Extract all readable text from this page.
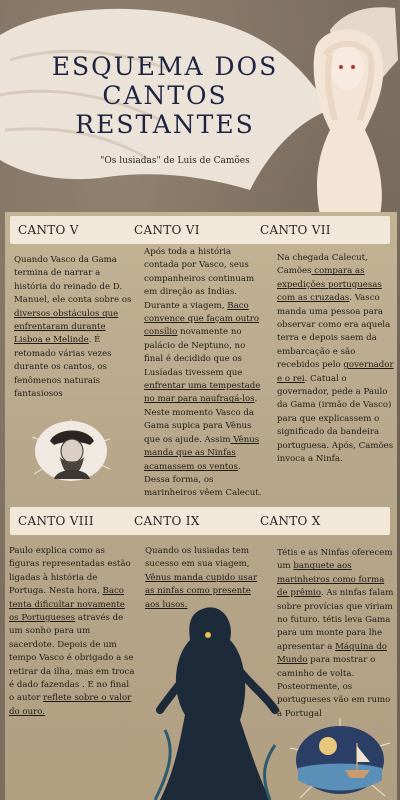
ESQUEMA DOS CANTOS RESTANTES
"Os lusiadas" de Luis de Camões
CANTO V	CANTO VI	CANTO VII
Quando Vasco da Gama termina de narrar a história do reinado de D. Manuel, ele conta sobre os diversos obstáculos que enfrentaram durante Lisboa e Melinde. É retomado várias vezes durante os cantos, os fenômenos naturais fantasiosos
Após toda a história contada por Vasco, seus companheiros continuam em direção as Índias. Durante a viagem, Baco convence que façam outro consílio novamente no palácio de Neptuno, no final é decidido que os Lusíadas tivessem que enfrentar uma tempestade no mar para naufragá-los. Neste momento Vasco da Gama supica para Vênus que os ajude. Assim Vênus manda que as Ninfas acamassem os ventos. Dessa forma, os marinheiros vêem Calecut.
Na chegada Calecut, Camões compara as expedições portuguesas com as cruzadas. Vasco manda uma pessoa para observar como era aquela terra e depois saem da embarcação e são recebidos pelo governador e o rei. Catual o governador, pede a Paulo da Gama (irmão de Vasco) para que explicassem o significado da bandeira portuguesa. Após, Camões invoca a Ninfa.
CANTO VIII	CANTO IX	CANTO X
Paulo explica como as figuras representadas estão ligadas à história de Portuga. Nesta hora, Baco tenta dificultar novamente os Portugueses através de um sonho para um sacerdote. Depois de um tempo Vasco é obrigado a se retirar da ilha, mas em troca é dado fazendas . E no final o autor reflete sobre o valor do ouro.
Quando os lusiadas tem sucesso em sua viagem, Vênus manda cupido usar as ninfas como presente aos lusos.
Tétis e as Ninfas oferecem um banquete aos marinheiros como forma de prêmio. As ninfas falam sobre provícias que viriam no futuro. tétis leva Gama para um monte para lhe apresentar a Máquina do Mundo para mostrar o caminho de volta. Posteormente, os portugueses vão em rumo à Portugal
